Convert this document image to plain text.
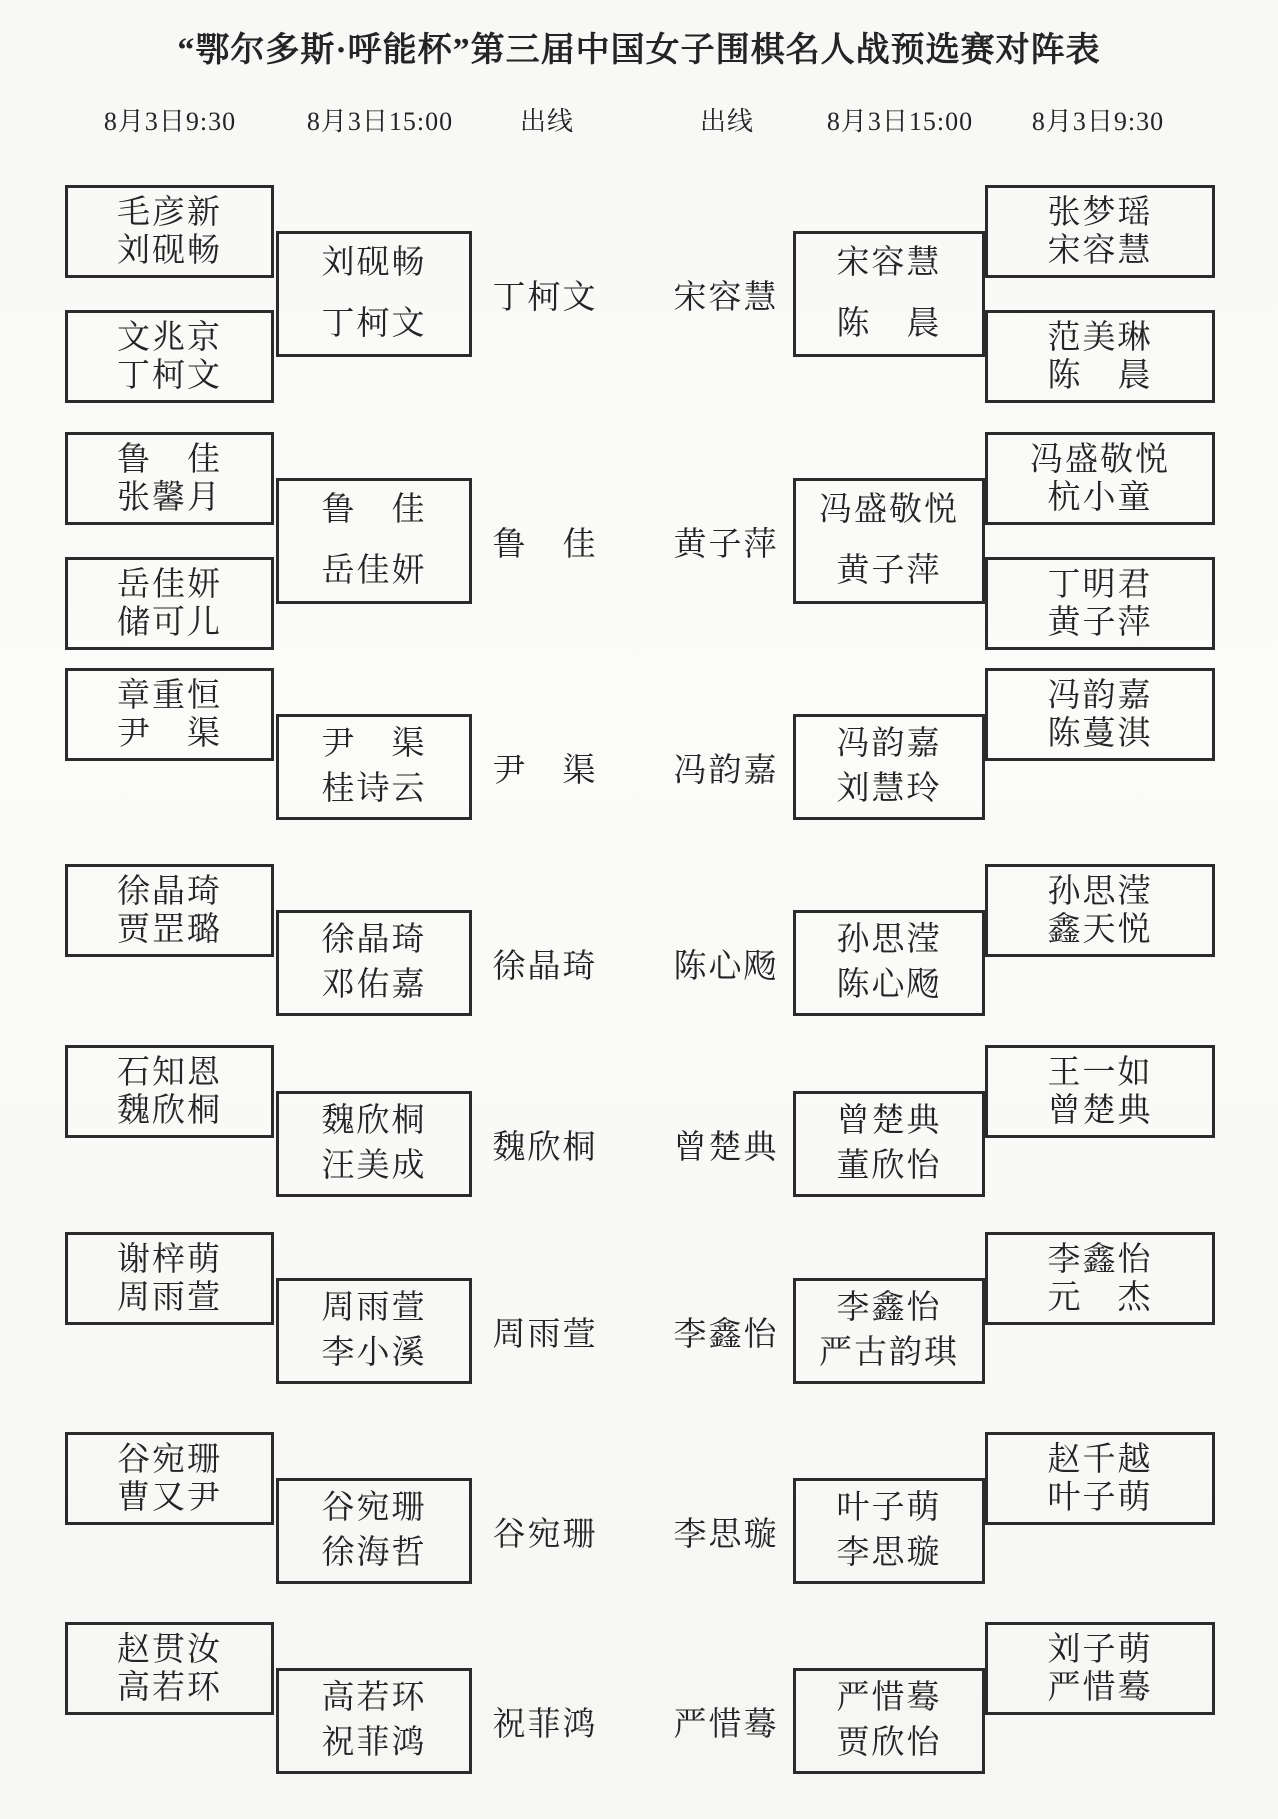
“鄂尔多斯·呼能杯”第三届中国女子围棋名人战预选赛对阵表
8月3日9:30	8月3日15:00	出线	出线	8月3日15:00 8月3日9:30
毛彦新
刘砚畅
文兆京
丁柯文
刘砚畅
丁柯文
丁柯文
鲁　佳
张馨月
岳佳妍
储可儿
鲁　佳
岳佳妍
鲁　佳
章重恒
尹　渠	尹　渠
桂诗云
尹　渠
徐晶琦
贾罡璐	徐晶琦
邓佑嘉
徐晶琦
石知恩
魏欣桐	魏欣桐
汪美成
魏欣桐
谢梓萌
周雨萱	周雨萱
李小溪
周雨萱
谷宛珊
曹又尹	谷宛珊
徐海哲
谷宛珊
赵贯汝
高若环	高若环
祝菲鸿
祝菲鸿
张梦瑶
宋容慧
范美琳
陈　晨
宋容慧
陈　晨
宋容慧
冯盛敬悦
杭小童
丁明君
黄子萍
冯盛敬悦
黄子萍
黄子萍
冯韵嘉
陈蔓淇
冯韵嘉
刘慧玲
冯韵嘉
孙思滢
鑫天悦
孙思滢
陈心飏
陈心飏
王一如
曾楚典
曾楚典
董欣怡
曾楚典
李鑫怡
元　杰
李鑫怡
严古韵琪
李鑫怡
赵千越
叶子萌
叶子萌
李思璇
李思璇
刘子萌
严惜蓦
严惜蓦
贾欣怡
严惜蓦
